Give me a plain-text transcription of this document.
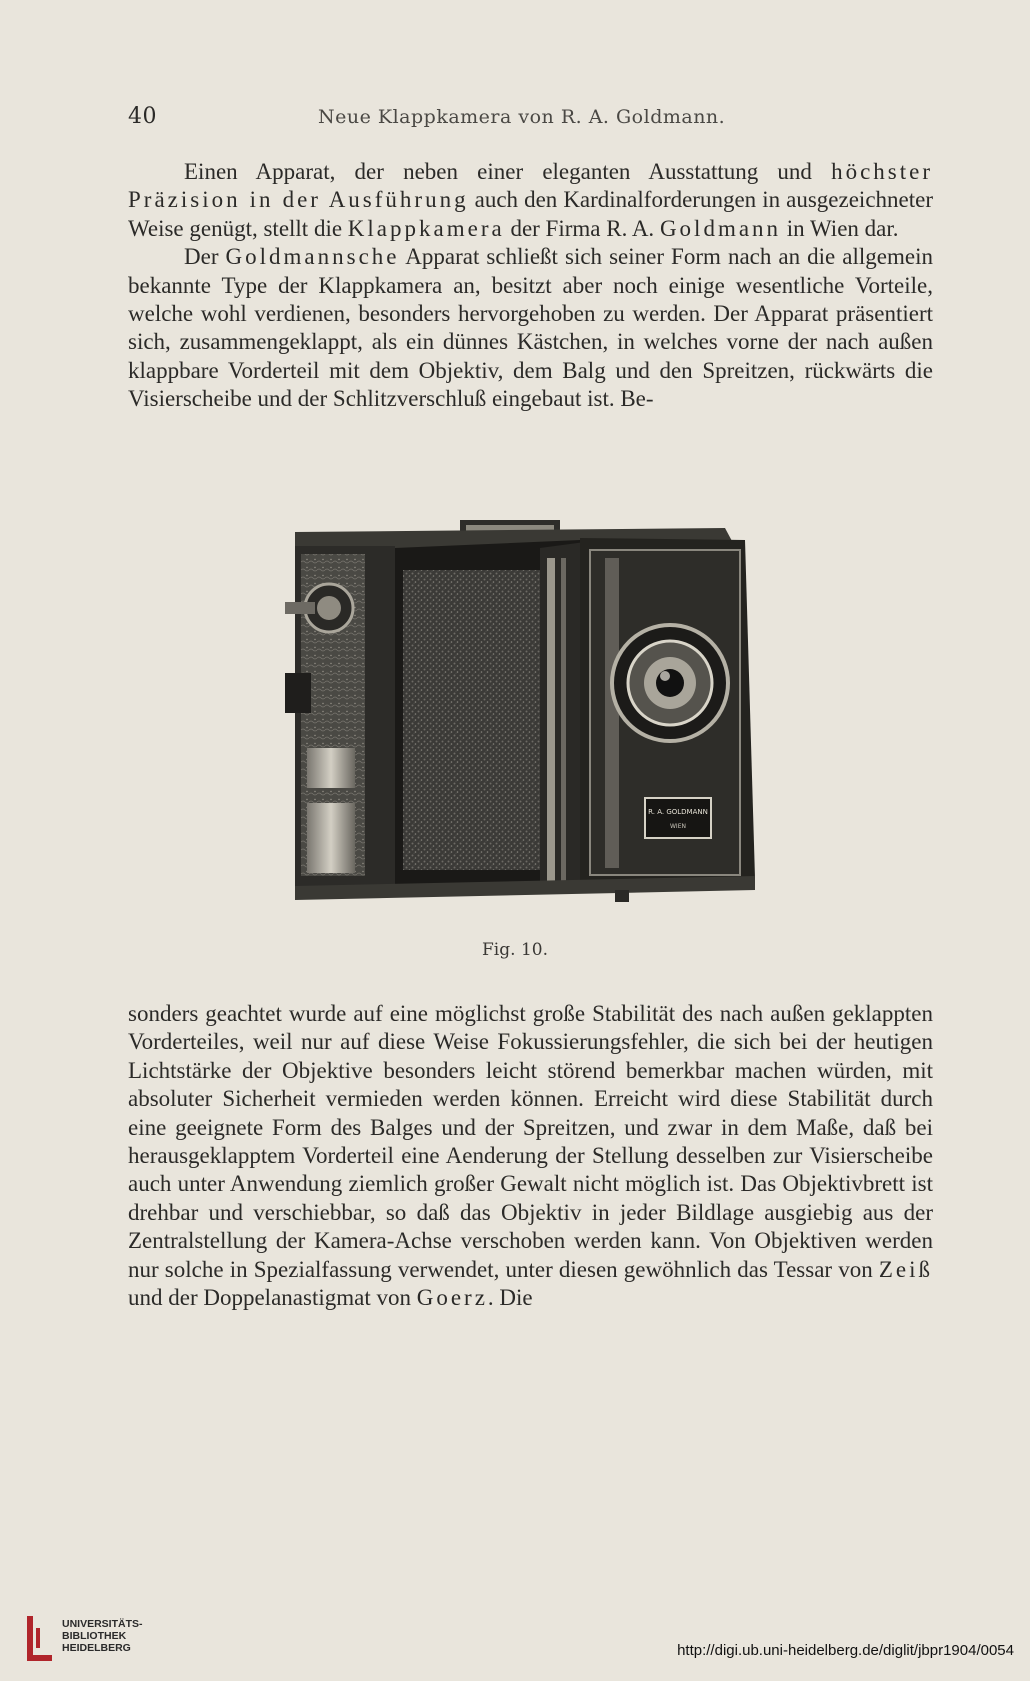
40	Neue Klappkamera von R. A. Goldmann.

Einen Apparat, der neben einer eleganten Ausstattung und höchster Präzision in der Ausführung auch den Kardinalforderungen in ausgezeichneter Weise genügt, stellt die Klappkamera der Firma R. A. Goldmann in Wien dar.

Der Goldmannsche Apparat schließt sich seiner Form nach an die allgemein bekannte Type der Klappkamera an, besitzt aber noch einige wesentliche Vorteile, welche wohl verdienen, besonders hervorgehoben zu werden. Der Apparat präsentiert sich, zusammengeklappt, als ein dünnes Kästchen, in welches vorne der nach außen klappbare Vorderteil mit dem Objektiv, dem Balg und den Spreitzen, rückwärts die Visierscheibe und der Schlitzverschluß eingebaut ist. Be-

R. A. GOLDMANN
WIEN
Fig. 10.

sonders geachtet wurde auf eine möglichst große Stabilität des nach außen geklappten Vorderteiles, weil nur auf diese Weise Fokussierungsfehler, die sich bei der heutigen Lichtstärke der Objektive besonders leicht störend bemerkbar machen würden, mit absoluter Sicherheit vermieden werden können. Erreicht wird diese Stabilität durch eine geeignete Form des Balges und der Spreitzen, und zwar in dem Maße, daß bei herausgeklapptem Vorderteil eine Aenderung der Stellung desselben zur Visierscheibe auch unter Anwendung ziemlich großer Gewalt nicht möglich ist. Das Objektivbrett ist drehbar und verschiebbar, so daß das Objektiv in jeder Bildlage ausgiebig aus der Zentralstellung der Kamera-Achse verschoben werden kann. Von Objektiven werden nur solche in Spezialfassung verwendet, unter diesen gewöhnlich das Tessar von Zeiß und der Doppelanastigmat von Goerz. Die

UNIVERSITÄTS-
BIBLIOTHEK
HEIDELBERG	http://digi.ub.uni-heidelberg.de/diglit/jbpr1904/0054
